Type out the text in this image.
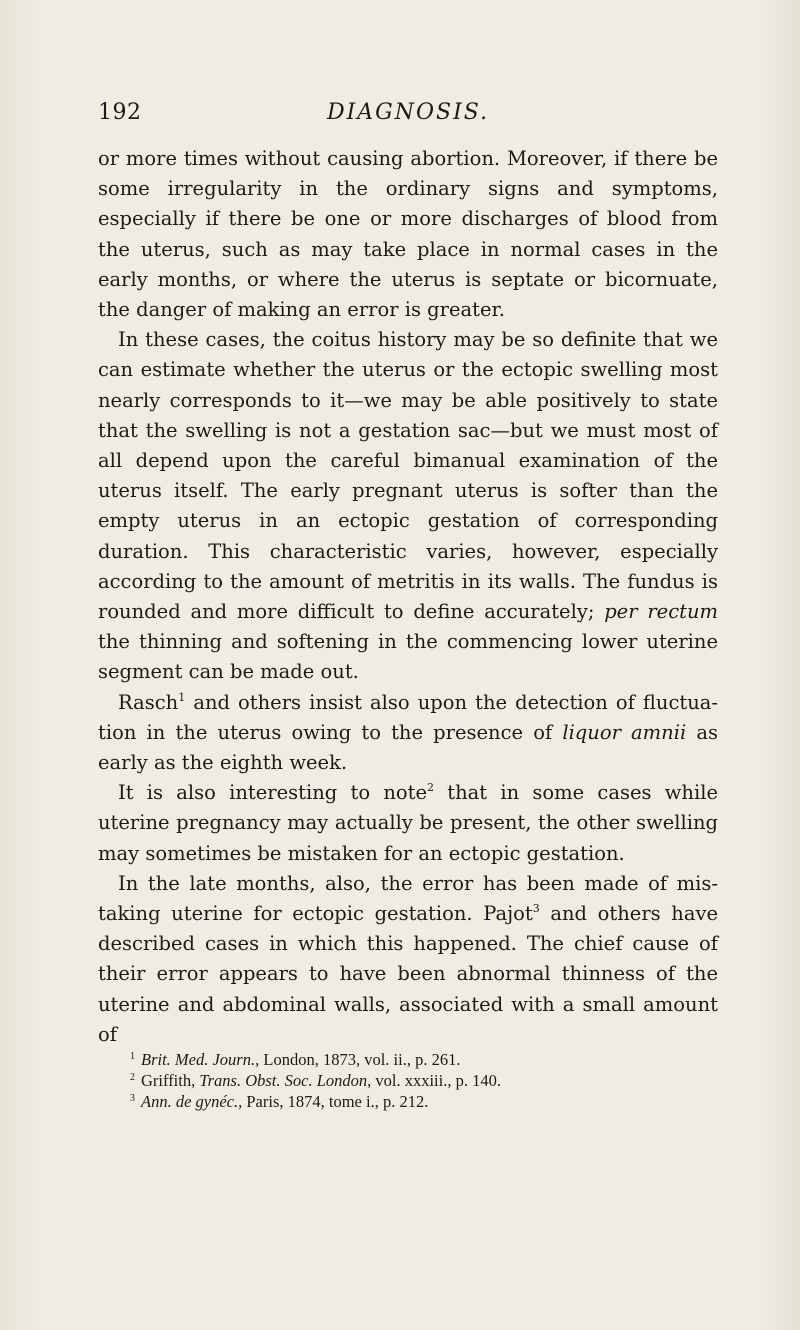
192	DIAGNOSIS.

or more times without causing abortion. Moreover, if there be some irregularity in the ordinary signs and symptoms, especially if there be one or more discharges of blood from the uterus, such as may take place in normal cases in the early months, or where the uterus is septate or bicornuate, the danger of making an error is greater.

In these cases, the coitus history may be so definite that we can estimate whether the uterus or the ectopic swelling most nearly corresponds to it—we may be able positively to state that the swelling is not a gestation sac—but we must most of all depend upon the careful bimanual examination of the uterus itself. The early pregnant uterus is softer than the empty uterus in an ectopic gestation of corresponding duration. This characteristic varies, however, especially according to the amount of metritis in its walls. The fundus is rounded and more difficult to define accurately; per rectum the thinning and softening in the commencing lower uterine segment can be made out.

Rasch$^1$ and others insist also upon the detection of fluctua-tion in the uterus owing to the presence of liquor amnii as early as the eighth week.

It is also interesting to note$^2$ that in some cases while uterine pregnancy may actually be present, the other swelling may sometimes be mistaken for an ectopic gestation.

In the late months, also, the error has been made of mis-taking uterine for ectopic gestation. Pajot$^3$ and others have described cases in which this happened. The chief cause of their error appears to have been abnormal thinness of the uterine and abdominal walls, associated with a small amount of

$^1$ Brit. Med. Journ., London, 1873, vol. ii., p. 261.
$^2$ Griffith, Trans. Obst. Soc. London, vol. xxxiii., p. 140.
$^3$ Ann. de gynéc., Paris, 1874, tome i., p. 212.
